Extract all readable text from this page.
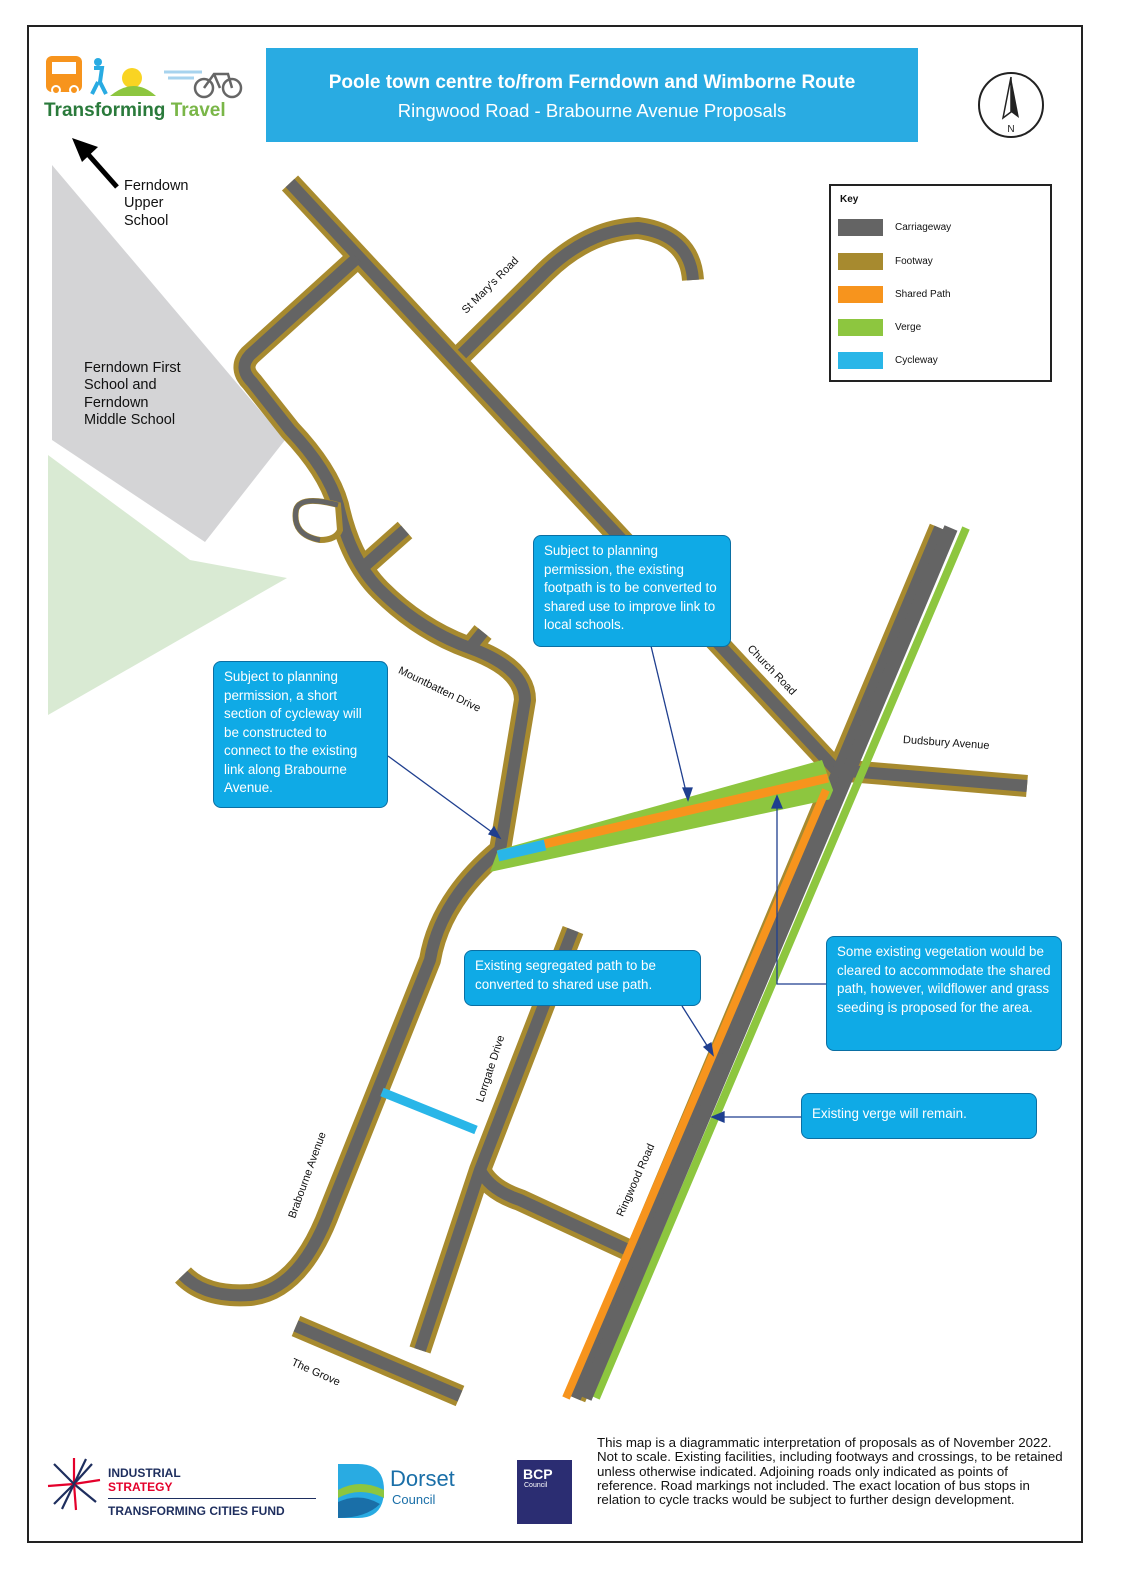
Transforming Travel
Poole town centre to/from Ferndown and Wimborne Route
Ringwood Road - Brabourne Avenue Proposals
N
Key
Carriageway
Footway
Shared Path
Verge
Cycleway
Ferndown
Upper
School
Ferndown First
School and
Ferndown
Middle School
St Mary's Road
Church Road
Dudsbury Avenue
Mountbatten Drive
Lorrgate Drive
Brabourne Avenue	Ringwood Road
The Grove
Subject to planning permission, the existing footpath is to be converted to shared use to improve link to local schools.
Subject to planning permission, a short section of cycleway will be constructed to connect to the existing link along Brabourne Avenue.
Existing segregated path to be converted to shared use path.
Some existing vegetation would be cleared to accommodate the shared path, however, wildflower and grass seeding is proposed for the area.
Existing verge will remain.
INDUSTRIAL
STRATEGY
TRANSFORMING CITIES FUND
Dorset
Council
BCP
Council
This map is a diagrammatic interpretation of proposals as of November 2022. Not to scale. Existing facilities, including footways and crossings, to be retained unless otherwise indicated. Adjoining roads only indicated as points of reference. Road markings not included. The exact location of bus stops in relation to cycle tracks would be subject to further design development.
